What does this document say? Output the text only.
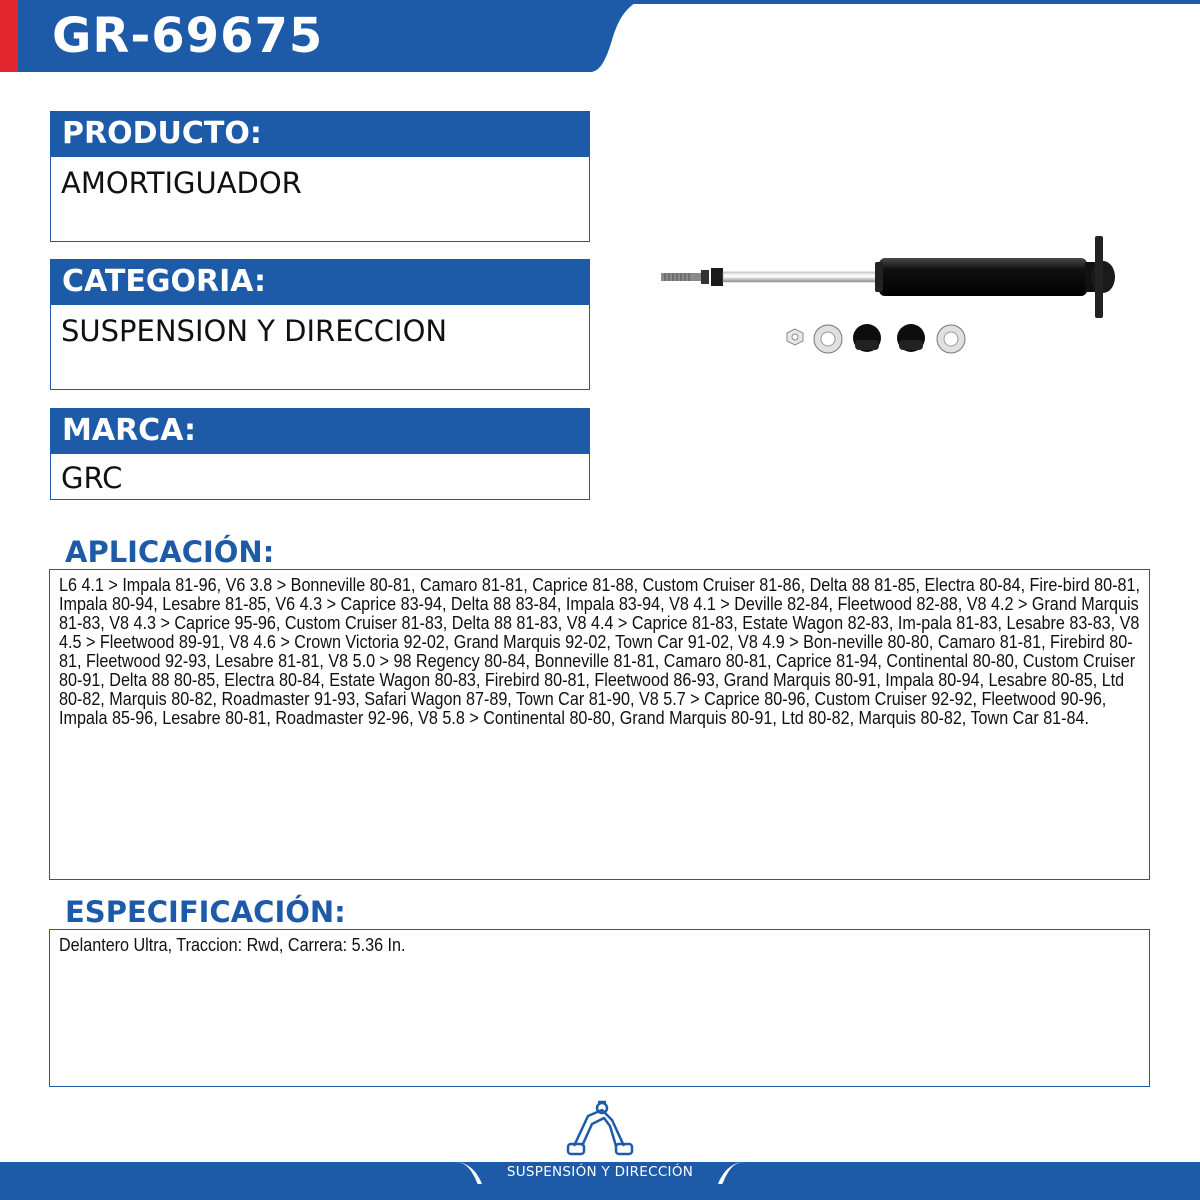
GR-69675
PRODUCTO:
AMORTIGUADOR
CATEGORIA:
SUSPENSION Y DIRECCION
MARCA:
GRC
APLICACIÓN:

L6 4.1 > Impala 81-96, V6 3.8 > Bonneville 80-81, Camaro 81-81, Caprice 81-88, Custom Cruiser 81-86, Delta 88 81-85, Electra 80-84, Fire-bird 80-81, Impala 80-94, Lesabre 81-85, V6 4.3 > Caprice 83-94, Delta 88 83-84, Impala 83-94, V8 4.1 > Deville 82-84, Fleetwood 82-88, V8 4.2 > Grand Marquis 81-83, V8 4.3 > Caprice 95-96, Custom Cruiser 81-83, Delta 88 81-83, V8 4.4 > Caprice 81-83, Estate Wagon 82-83, Im-pala 81-83, Lesabre 83-83, V8 4.5 > Fleetwood 89-91, V8 4.6 > Crown Victoria 92-02, Grand Marquis 92-02, Town Car 91-02, V8 4.9 > Bon-neville 80-80, Camaro 81-81, Firebird 80-81, Fleetwood 92-93, Lesabre 81-81, V8 5.0 > 98 Regency 80-84, Bonneville 81-81, Camaro 80-81, Caprice 81-94, Continental 80-80, Custom Cruiser 80-91, Delta 88 80-85, Electra 80-84, Estate Wagon 80-83, Firebird 80-81, Fleetwood 86-93, Grand Marquis 80-91, Impala 80-94, Lesabre 80-85, Ltd 80-82, Marquis 80-82, Roadmaster 91-93, Safari Wagon 87-89, Town Car 81-90, V8 5.7 > Caprice 80-96, Custom Cruiser 92-92, Fleetwood 90-96, Impala 85-96, Lesabre 80-81, Roadmaster 92-96, V8 5.8 > Continental 80-80, Grand Marquis 80-91, Ltd 80-82, Marquis 80-82, Town Car 81-84.

ESPECIFICACIÓN:

Delantero Ultra, Traccion: Rwd, Carrera: 5.36 In.

SUSPENSIÓN Y DIRECCIÓN
